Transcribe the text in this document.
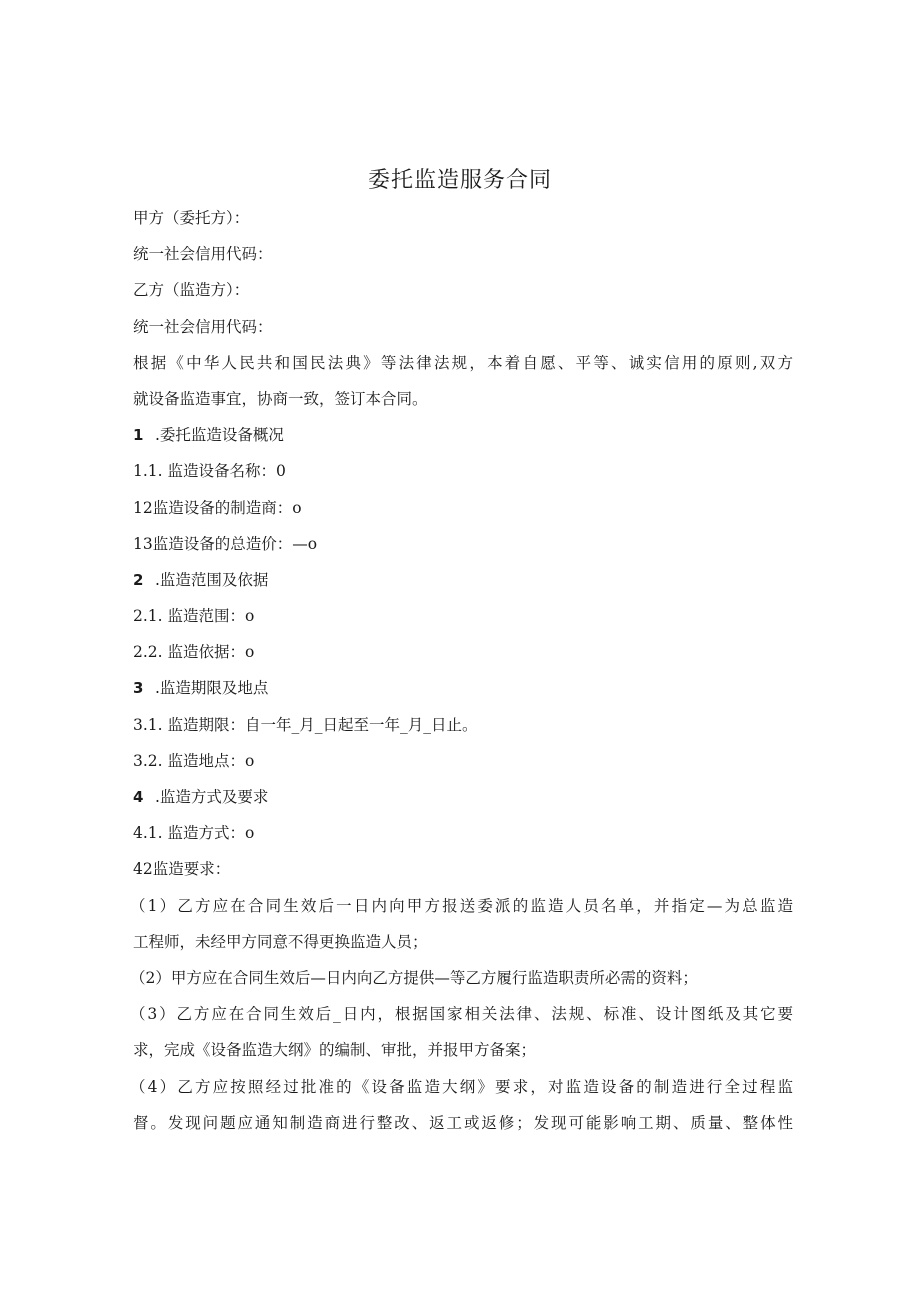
委托监造服务合同
甲方（委托方）：
统一社会信用代码：
乙方（监造方）：
统一社会信用代码：
根据《中华人民共和国民法典》等法律法规，本着自愿、平等、诚实信用的原则,双方
就设备监造事宜，协商一致，签订本合同。
1 .委托监造设备概况
1.1. 监造设备名称：0
12监造设备的制造商：o
13监造设备的总造价：—o
2 .监造范围及依据
2.1. 监造范围：o
2.2. 监造依据：o
3 .监造期限及地点
3.1. 监造期限：自一年_月_日起至一年_月_日止。
3.2. 监造地点：o
4 .监造方式及要求
4.1. 监造方式：o
42监造要求：
（1）乙方应在合同生效后一日内向甲方报送委派的监造人员名单，并指定—为总监造
工程师，未经甲方同意不得更换监造人员；
（2）甲方应在合同生效后—日内向乙方提供—等乙方履行监造职责所必需的资料；
（3）乙方应在合同生效后_日内，根据国家相关法律、法规、标准、设计图纸及其它要
求，完成《设备监造大纲》的编制、审批，并报甲方备案；
（4）乙方应按照经过批准的《设备监造大纲》要求，对监造设备的制造进行全过程监
督。发现问题应通知制造商进行整改、返工或返修；发现可能影响工期、质量、整体性
